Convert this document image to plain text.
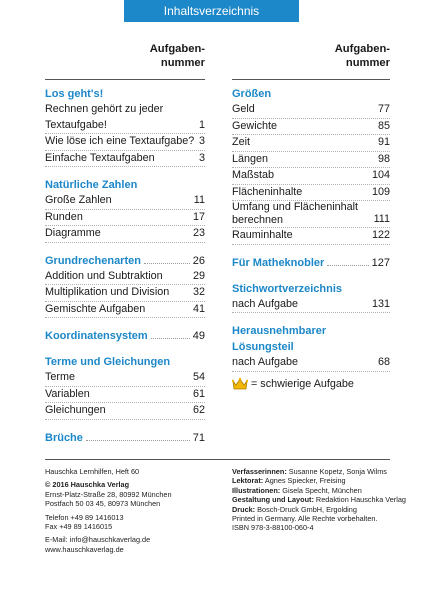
Inhaltsverzeichnis
Aufgaben-
nummer
Los geht's!
Rechnen gehört zu jeder
Textaufgabe!	1
Wie löse ich eine Textaufgabe? 3
Einfache Textaufgaben	3
Natürliche Zahlen
Große Zahlen	11
Runden	17
Diagramme	23
Grundrechenarten	26
Addition und Subtraktion	29
Multiplikation und Division	32
Gemischte Aufgaben	41
Koordinatensystem	49
Terme und Gleichungen
Terme	54
Variablen	61
Gleichungen	62
Brüche	71
Aufgaben-
nummer
Größen
Geld	77
Gewichte	85
Zeit	91
Längen	98
Maßstab	104
Flächeninhalte	109
Umfang und Flächeninhalt berechnen	111
Rauminhalte	122
Für Matheknobler	127
Stichwortverzeichnis
nach Aufgabe	131
Herausnehmbarer Lösungsteil
nach Aufgabe	68
= schwierige Aufgabe
Hauschka Lernhilfen, Heft 60
© 2016 Hauschka Verlag
Ernst-Platz-Straße 28, 80992 München
Postfach 50 03 45, 80973 München
Telefon +49 89 1416013
Fax +49 89 1416015
E-Mail: info@hauschkaverlag.de
www.hauschkaverlag.de
Verfasserinnen: Susanne Kopetz, Sonja Wilms
Lektorat: Agnes Spiecker, Freising
Illustrationen: Gisela Specht, München
Gestaltung und Layout: Redaktion Hauschka Verlag
Druck: Bosch-Druck GmbH, Ergolding
Printed in Germany. Alle Rechte vorbehalten.
ISBN 978-3-88100-060-4
